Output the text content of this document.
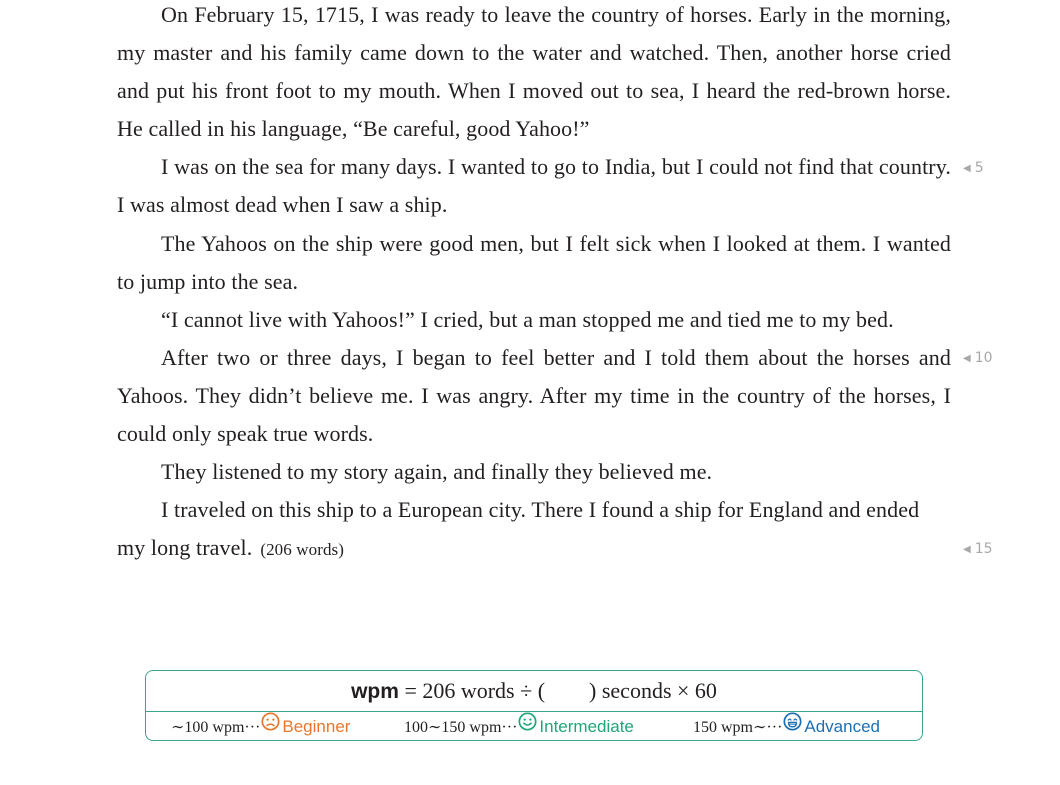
On February 15, 1715, I was ready to leave the country of horses. Early in the morning, my master and his family came down to the water and watched. Then, another horse cried and put his front foot to my mouth. When I moved out to sea, I heard the red-brown horse. He called in his language, “Be careful, good Yahoo!”

I was on the sea for many days. I wanted to go to India, but I could not find that country. I was almost dead when I saw a ship.

The Yahoos on the ship were good men, but I felt sick when I looked at them. I wanted to jump into the sea.

“I cannot live with Yahoos!” I cried, but a man stopped me and tied me to my bed.

After two or three days, I began to feel better and I told them about the horses and Yahoos. They didn’t believe me. I was angry. After my time in the country of the horses, I could only speak true words.

They listened to my story again, and finally they believed me.

I traveled on this ship to a European city. There I found a ship for England and ended my long travel. (206 words)

◀ 5
◀ 10
◀ 15
wpm = 206 words ÷ (  ) seconds × 60
∼100 wpm··· Beginner	100∼150 wpm··· Intermediate	150 wpm∼··· Advanced
